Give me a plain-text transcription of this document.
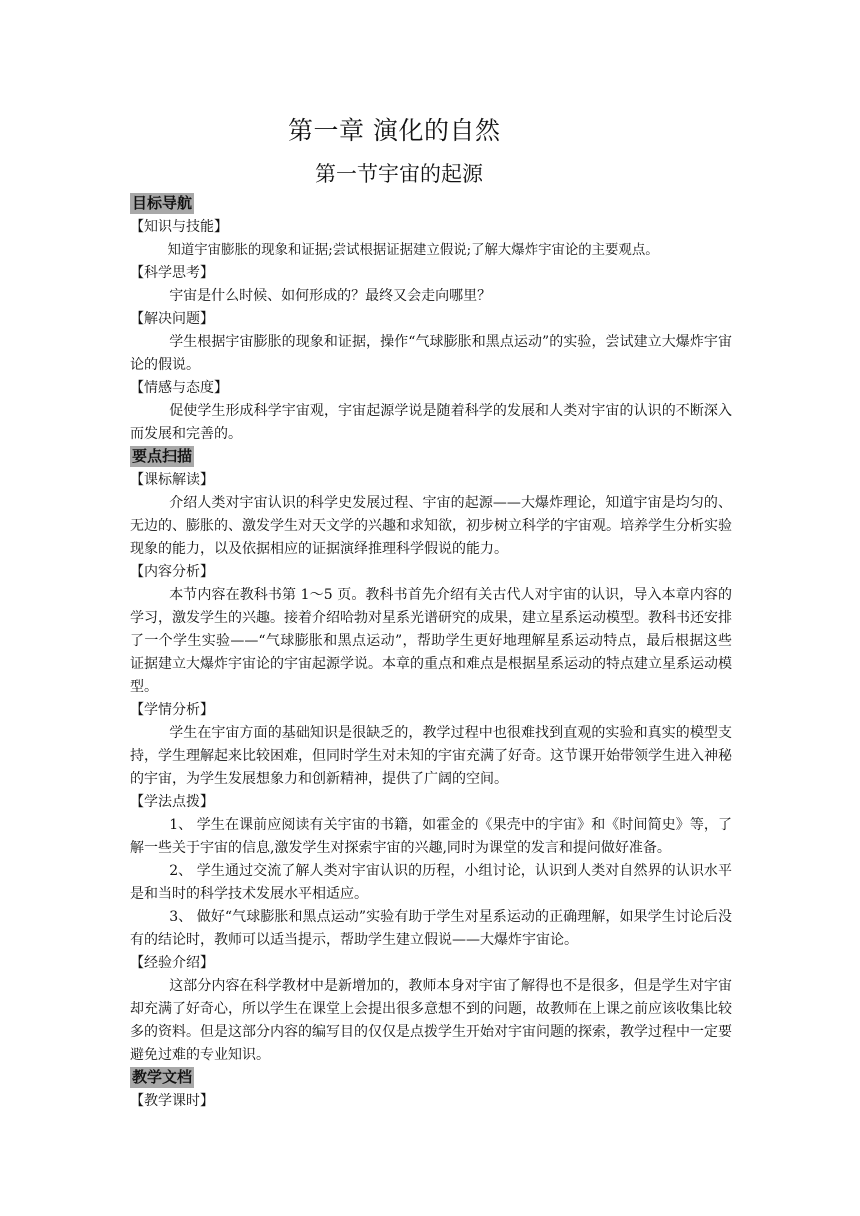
第一章 演化的自然
第一节宇宙的起源
目标导航

【知识与技能】

知道宇宙膨胀的现象和证据;尝试根据证据建立假说;了解大爆炸宇宙论的主要观点。

【科学思考】

宇宙是什么时候、如何形成的？最终又会走向哪里？

【解决问题】

学生根据宇宙膨胀的现象和证据，操作“气球膨胀和黑点运动”的实验，尝试建立大爆炸宇宙论的假说。

【情感与态度】

促使学生形成科学宇宙观，宇宙起源学说是随着科学的发展和人类对宇宙的认识的不断深入而发展和完善的。

要点扫描

【课标解读】

介绍人类对宇宙认识的科学史发展过程、宇宙的起源——大爆炸理论，知道宇宙是均匀的、无边的、膨胀的、激发学生对天文学的兴趣和求知欲，初步树立科学的宇宙观。培养学生分析实验现象的能力，以及依据相应的证据演绎推理科学假说的能力。

【内容分析】

本节内容在教科书第 1～5 页。教科书首先介绍有关古代人对宇宙的认识，导入本章内容的学习，激发学生的兴趣。接着介绍哈勃对星系光谱研究的成果，建立星系运动模型。教科书还安排了一个学生实验——“气球膨胀和黑点运动”，帮助学生更好地理解星系运动特点，最后根据这些证据建立大爆炸宇宙论的宇宙起源学说。本章的重点和难点是根据星系运动的特点建立星系运动模型。

【学情分析】

学生在宇宙方面的基础知识是很缺乏的，教学过程中也很难找到直观的实验和真实的模型支持，学生理解起来比较困难，但同时学生对未知的宇宙充满了好奇。这节课开始带领学生进入神秘的宇宙，为学生发展想象力和创新精神，提供了广阔的空间。

【学法点拨】

1、 学生在课前应阅读有关宇宙的书籍，如霍金的《果壳中的宇宙》和《时间简史》等，了解一些关于宇宙的信息,激发学生对探索宇宙的兴趣,同时为课堂的发言和提问做好准备。

2、 学生通过交流了解人类对宇宙认识的历程，小组讨论，认识到人类对自然界的认识水平是和当时的科学技术发展水平相适应。

3、 做好“气球膨胀和黑点运动”实验有助于学生对星系运动的正确理解，如果学生讨论后没有的结论时，教师可以适当提示，帮助学生建立假说——大爆炸宇宙论。

【经验介绍】

这部分内容在科学教材中是新增加的，教师本身对宇宙了解得也不是很多，但是学生对宇宙却充满了好奇心，所以学生在课堂上会提出很多意想不到的问题，故教师在上课之前应该收集比较多的资料。但是这部分内容的编写目的仅仅是点拨学生开始对宇宙问题的探索，教学过程中一定要避免过难的专业知识。

教学文档

【教学课时】
